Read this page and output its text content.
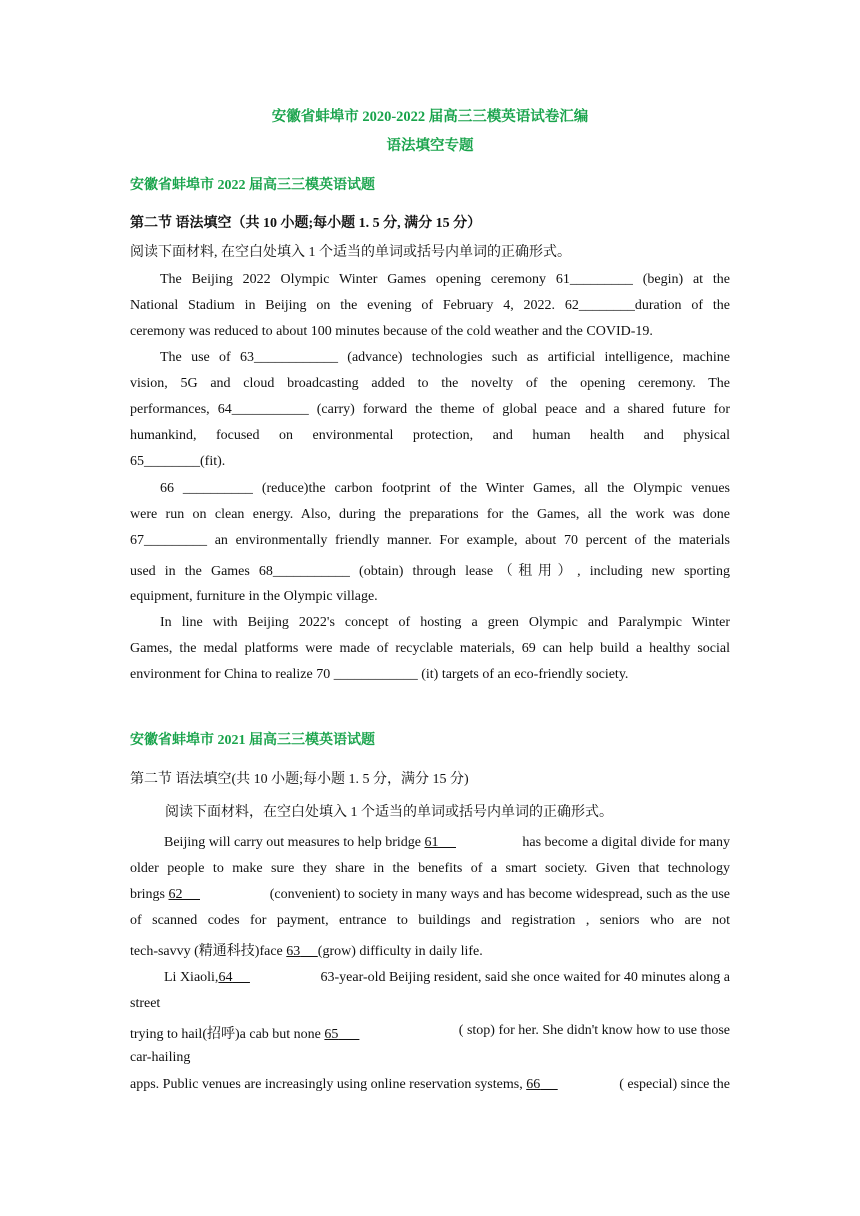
安徽省蚌埠市 2020-2022 届高三三模英语试卷汇编
语法填空专题
安徽省蚌埠市 2022 届高三三模英语试题
第二节 语法填空（共 10 小题;每小题 1. 5 分, 满分 15 分）
阅读下面材料, 在空白处填入 1 个适当的单词或括号内单词的正确形式。
The Beijing 2022 Olympic Winter Games opening ceremony 61_________ (begin) at the
National Stadium in Beijing on the evening of February 4, 2022. 62________duration of the
ceremony was reduced to about 100 minutes because of the cold weather and the COVID-19.
The use of 63____________ (advance) technologies such as artificial intelligence, machine
vision, 5G and cloud broadcasting added to the novelty of the opening ceremony. The
performances, 64___________ (carry) forward the theme of global peace and a shared future for
humankind, focused on environmental protection, and human health and physical
65________(fit).
66 __________ (reduce)the carbon footprint of the Winter Games, all the Olympic venues
were run on clean energy. Also, during the preparations for the Games, all the work was done
67_________ an environmentally friendly manner. For example, about 70 percent of the materials
used in the Games 68___________ (obtain) through lease（租用）, including new sporting
equipment, furniture in the Olympic village.
In line with Beijing 2022's concept of hosting a green Olympic and Paralympic Winter
Games, the medal platforms were made of recyclable materials, 69 can help build a healthy social
environment for China to realize 70 ____________ (it) targets of an eco-friendly society.
安徽省蚌埠市 2021 届高三三模英语试题
第二节 语法填空(共 10 小题;每小题 1. 5 分，满分 15 分)
阅读下面材料，在空白处填入 1 个适当的单词或括号内单词的正确形式。
Beijing will carry out measures to help bridge 61	has become a digital divide for many
older people to make sure they share in the benefits of a smart society. Given that technology
brings 62	(convenient) to society in many ways and has become widespread, such as the use
of scanned codes for payment, entrance to buildings and registration , seniors who are not
tech-savvy (精通科技)face 63 (grow) difficulty in daily life.
Li Xiaoli,64	63-year-old Beijing resident, said she once waited for 40 minutes along a
street
trying to hail(招呼)a cab but none 65	( stop) for her. She didn't know how to use those
car-hailing
apps. Public venues are increasingly using online reservation systems, 66	( especial) since the
